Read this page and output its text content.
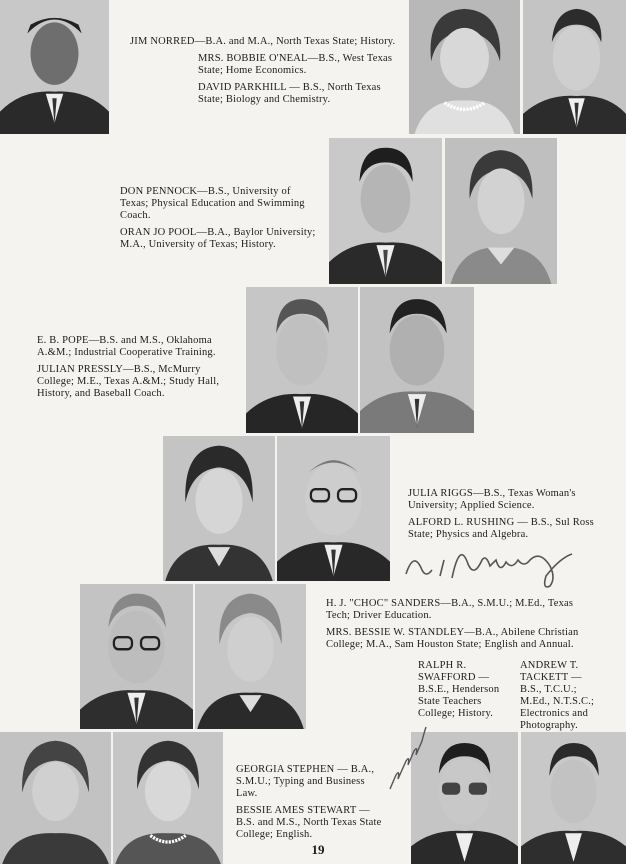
JIM NORRED—B.A. and M.A., North Texas State; History.

MRS. BOBBIE O'NEAL—B.S., West Texas State; Home Economics.

DAVID PARKHILL — B.S., North Texas State; Biology and Chemistry.

DON PENNOCK—B.S., University of Texas; Physical Education and Swimming Coach.

ORAN JO POOL—B.A., Baylor University; M.A., University of Texas; History.

E. B. POPE—B.S. and M.S., Oklahoma A.&M.; Industrial Cooperative Training.

JULIAN PRESSLY—B.S., McMurry College; M.E., Texas A.&M.; Study Hall, History, and Baseball Coach.

JULIA RIGGS—B.S., Texas Woman's University; Applied Science.

ALFORD L. RUSHING — B.S., Sul Ross State; Physics and Algebra.

H. J. "CHOC" SANDERS—B.A., S.M.U.; M.Ed., Texas Tech; Driver Education.

MRS. BESSIE W. STANDLEY—B.A., Abilene Christian College; M.A., Sam Houston State; English and Annual.

RALPH R. SWAFFORD — B.S.E., Henderson State Teachers College; History.
ANDREW T. TACKETT — B.S., T.C.U.; M.Ed., N.T.S.C.; Electronics and Photography.

GEORGIA STEPHEN — B.A., S.M.U.; Typing and Business Law.

BESSIE AMES STEWART — B.S. and M.S., North Texas State College; English.

19
